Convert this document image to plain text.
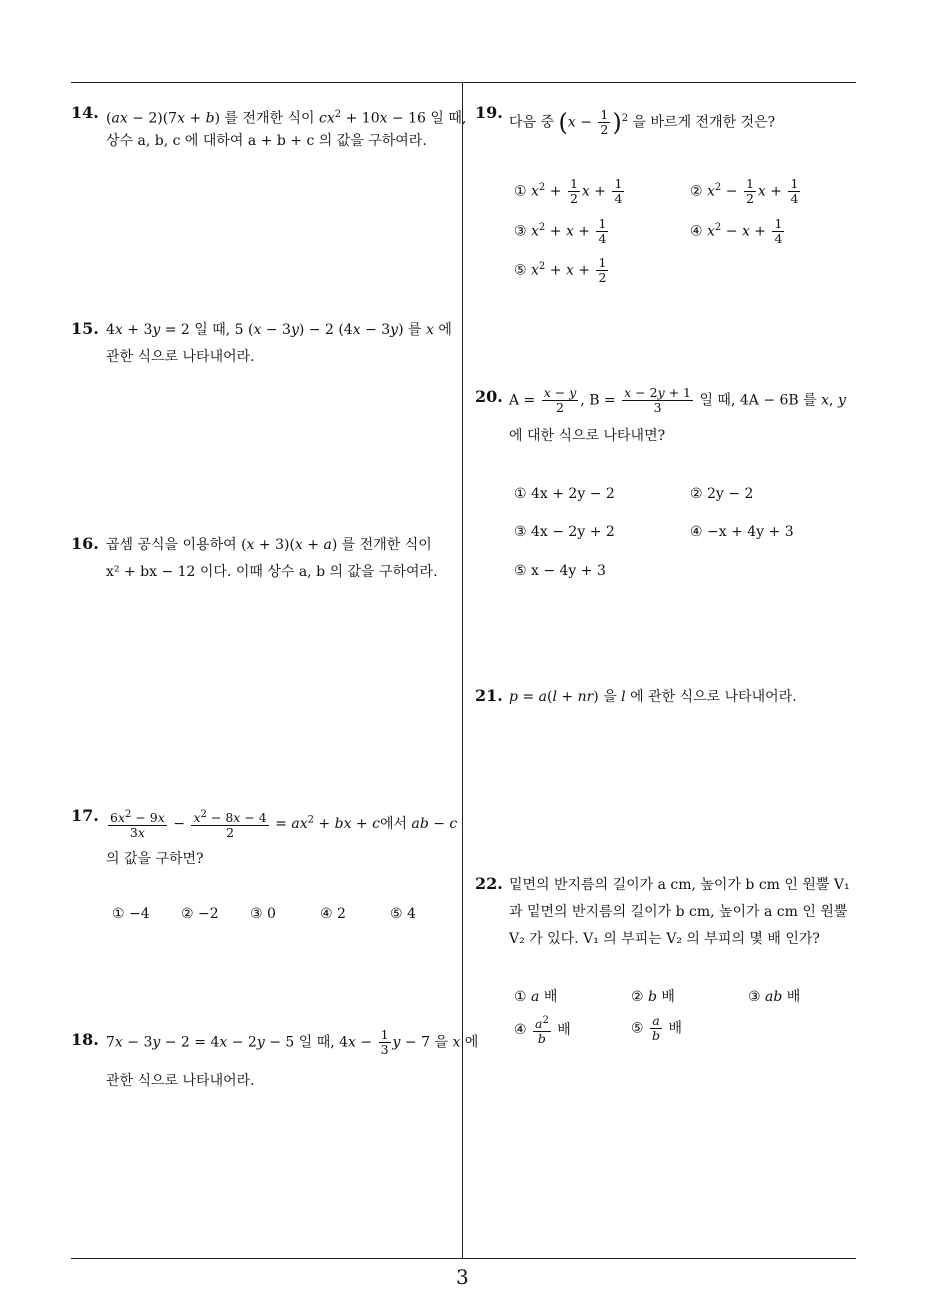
14. (ax − 2)(7x + b) 를 전개한 식이 $cx^2 + 10x - 16$ 일 때,
상수 a, b, c 에 대하여 a + b + c 의 값을 구하여라.
15. 4x + 3y = 2 일 때, 5 (x − 3y) − 2 (4x − 3y) 를 x 에
관한 식으로 나타내어라.
16. 곱셈 공식을 이용하여 (x + 3)(x + a) 를 전개한 식이
x² + bx − 12 이다. 이때 상수 a, b 의 값을 구하여라.
17. $\frac{6x^2 - 9x}{3x} - \frac{x^2 - 8x - 4}{2} = ax^2$ + bx + c에서 ab − c
의 값을 구하면?
① −4 ② −2 ③ 0	④ 2	⑤ 4
18. 7x − 3y − 2 = 4x − 2y − 5 일 때, $4x - \frac{1}{3}$ y − 7 을 x 에
관한 식으로 나타내어라.
19.
다음 중 $(x - \frac{1}{2} )^2$ 을 바르게 전개한 것은?
① $x^2 + \frac{1}{2}$ $x + \frac{1}{4}$	② $x^2 - \frac{1}{2}$ $x + \frac{1}{4}$
③ $x^2 + x + \frac{1}{4}$	④ $x^2 - x + \frac{1}{4}$
⑤ $x^2 + x + \frac{1}{2}$
20. $A = \frac{x - y}{2}$ , $B = \frac{x - 2y + 1}{3}$ 일 때, 4A − 6B 를 x, y
에 대한 식으로 나타내면?
① 4x + 2y − 2	② 2y − 2
③ 4x − 2y + 2	④ −x + 4y + 3
⑤ x − 4y + 3
21. p = a(l + nr) 을 l 에 관한 식으로 나타내어라.
22. 밑면의 반지름의 길이가 a cm, 높이가 b cm 인 원뿔 V₁
과 밑면의 반지름의 길이가 b cm, 높이가 a cm 인 원뿔
V₂ 가 있다. V₁ 의 부피는 V₂ 의 부피의 몇 배 인가?
① a 배	② b 배	③ ab 배
④ $\frac{a^2}{b}$ 배	⑤ $\frac{a}{b}$ 배
3
